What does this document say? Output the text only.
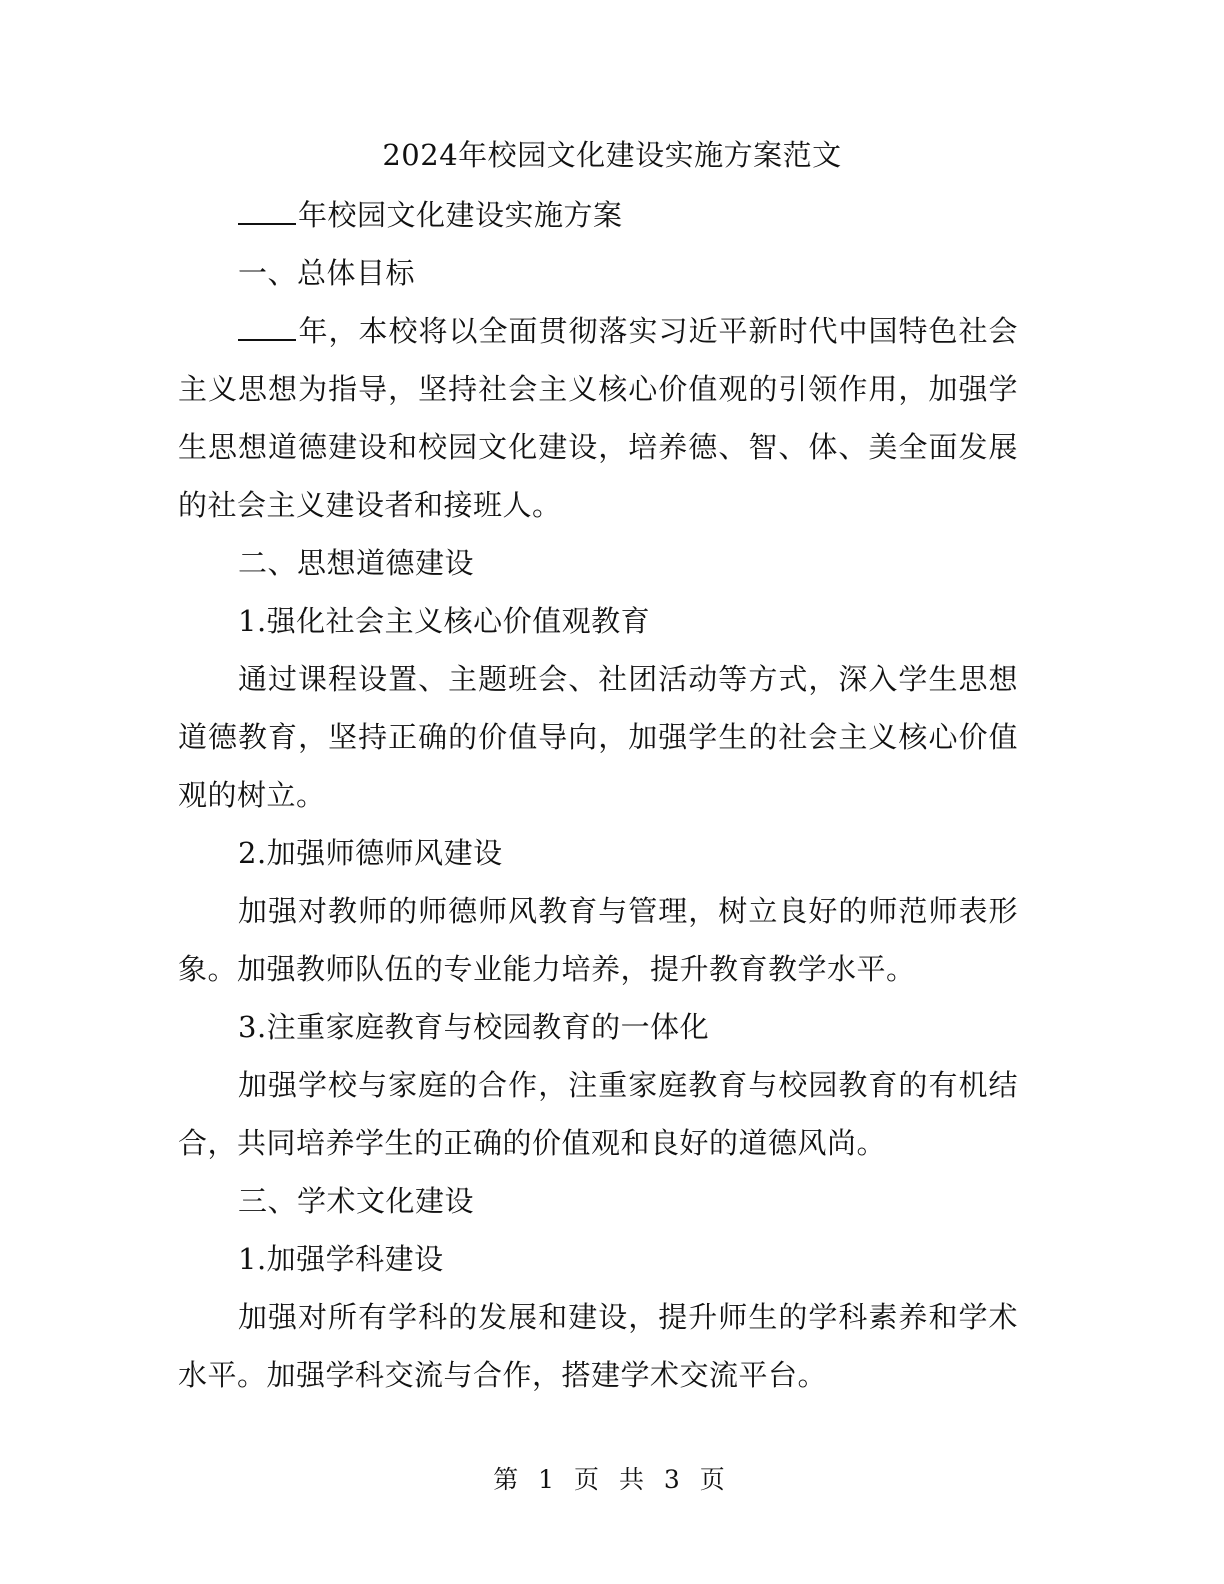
2024年校园文化建设实施方案范文

年校园文化建设实施方案

一、总体目标

年，本校将以全面贯彻落实习近平新时代中国特色社会主义思想为指导，坚持社会主义核心价值观的引领作用，加强学生思想道德建设和校园文化建设，培养德、智、体、美全面发展的社会主义建设者和接班人。

二、思想道德建设

1.强化社会主义核心价值观教育

通过课程设置、主题班会、社团活动等方式，深入学生思想道德教育，坚持正确的价值导向，加强学生的社会主义核心价值观的树立。

2.加强师德师风建设

加强对教师的师德师风教育与管理，树立良好的师范师表形象。加强教师队伍的专业能力培养，提升教育教学水平。

3.注重家庭教育与校园教育的一体化

加强学校与家庭的合作，注重家庭教育与校园教育的有机结合，共同培养学生的正确的价值观和良好的道德风尚。

三、学术文化建设

1.加强学科建设

加强对所有学科的发展和建设，提升师生的学科素养和学术水平。加强学科交流与合作，搭建学术交流平台。

第 1 页 共 3 页
